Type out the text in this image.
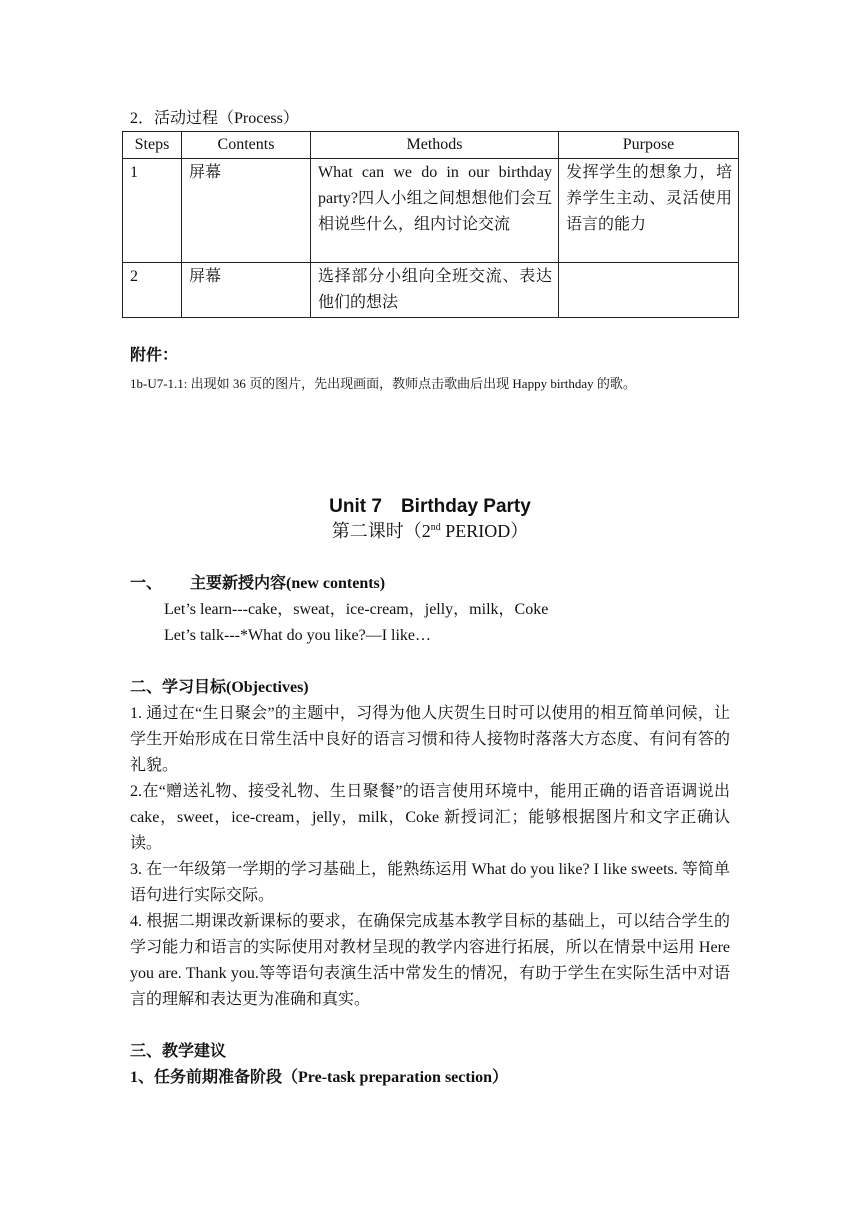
2．活动过程（Process）
Steps	Contents	Methods	Purpose
1	屏幕	What can we do in our birthday party?四人小组之间想想他们会互相说些什么，组内讨论交流	发挥学生的想象力，培养学生主动、灵活使用语言的能力
2	屏幕	选择部分小组向全班交流、表达他们的想法	
附件：
1b-U7-1.1: 出现如 36 页的图片，先出现画面，教师点击歌曲后出现 Happy birthday 的歌。
Unit 7　Birthday Party
第二课时（2nd PERIOD）
一、 主要新授内容(new contents)
Let’s learn---cake，sweat，ice-cream，jelly，milk，Coke
Let’s talk---*What do you like?—I like…
二、学习目标(Objectives)
1. 通过在“生日聚会”的主题中，习得为他人庆贺生日时可以使用的相互简单问候，让学生开始形成在日常生活中良好的语言习惯和待人接物时落落大方态度、有问有答的礼貌。
2.在“赠送礼物、接受礼物、生日聚餐”的语言使用环境中，能用正确的语音语调说出 cake，sweet，ice-cream，jelly，milk，Coke 新授词汇；能够根据图片和文字正确认读。
3. 在一年级第一学期的学习基础上，能熟练运用 What do you like? I like sweets. 等简单语句进行实际交际。
4. 根据二期课改新课标的要求，在确保完成基本教学目标的基础上，可以结合学生的学习能力和语言的实际使用对教材呈现的教学内容进行拓展，所以在情景中运用 Here you are. Thank you.等等语句表演生活中常发生的情况，有助于学生在实际生活中对语言的理解和表达更为准确和真实。
三、教学建议
1、任务前期准备阶段（Pre-task preparation section）
